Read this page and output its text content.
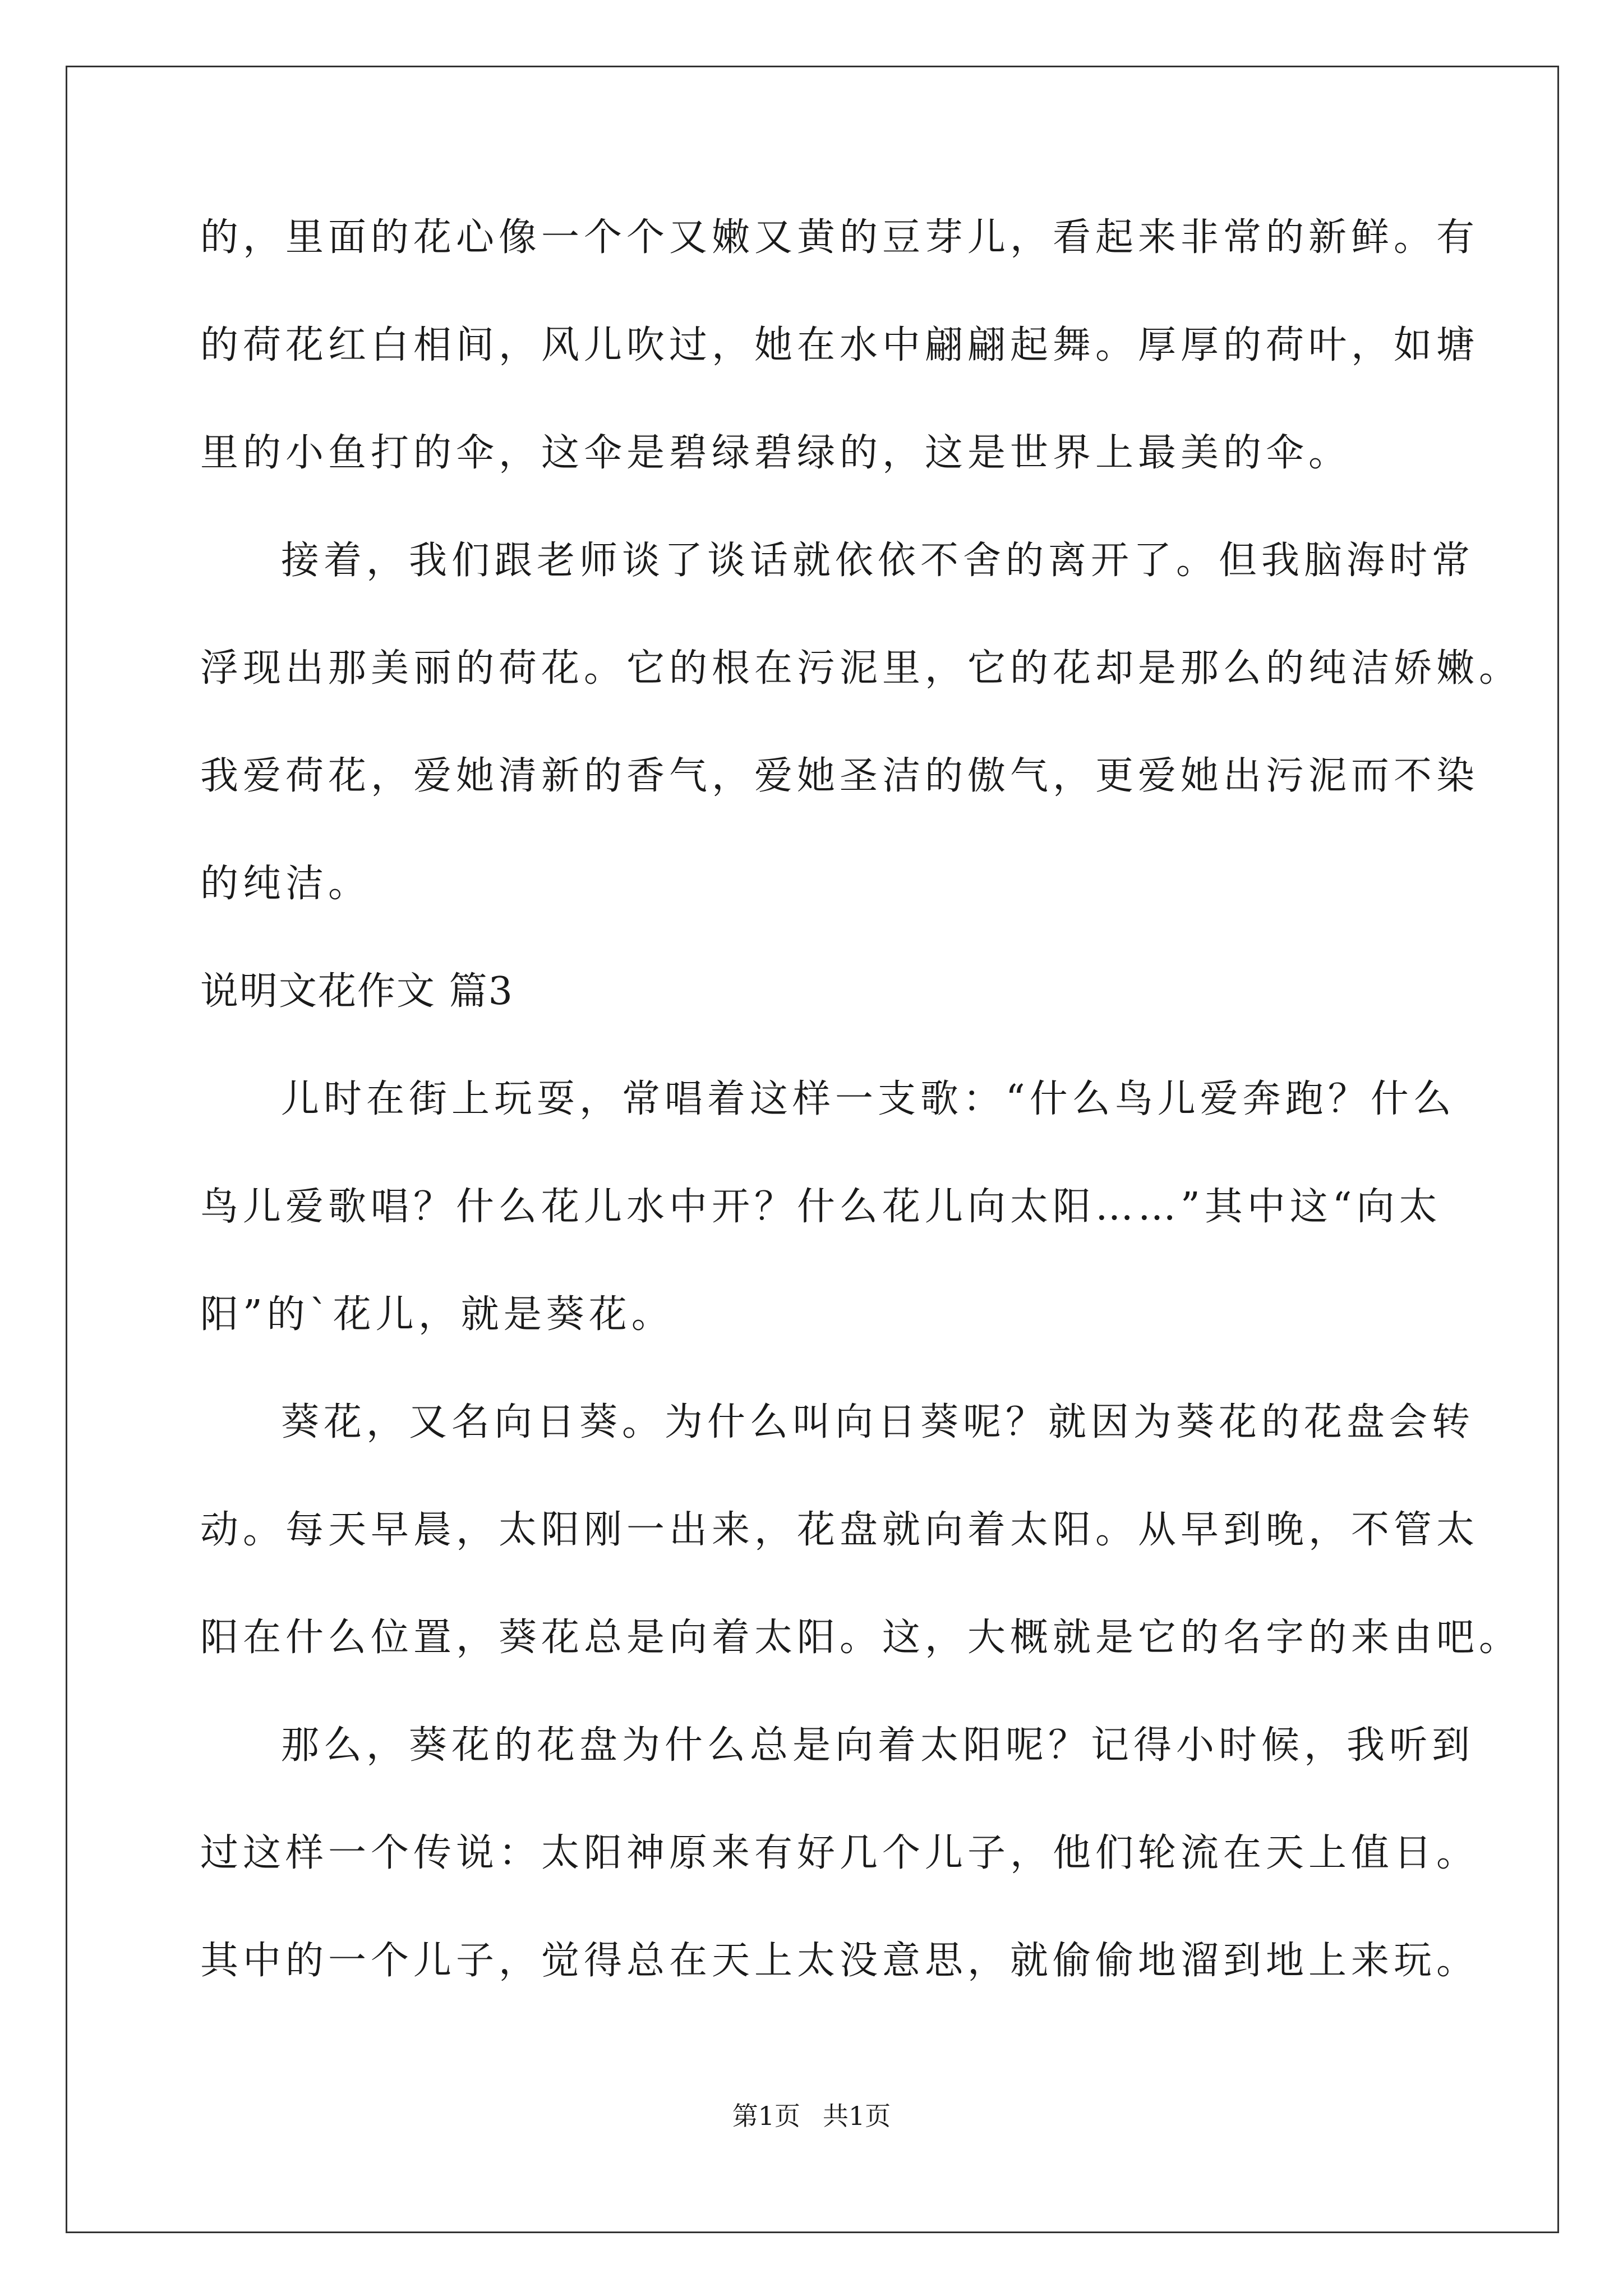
的，里面的花心像一个个又嫩又黄的豆芽儿，看起来非常的新鲜。有
的荷花红白相间，风儿吹过，她在水中翩翩起舞。厚厚的荷叶，如塘
里的小鱼打的伞，这伞是碧绿碧绿的，这是世界上最美的伞。
接着，我们跟老师谈了谈话就依依不舍的离开了。但我脑海时常
浮现出那美丽的荷花。它的根在污泥里，它的花却是那么的纯洁娇嫩。
我爱荷花，爱她清新的香气，爱她圣洁的傲气，更爱她出污泥而不染
的纯洁。
说明文花作文 篇3
儿时在街上玩耍，常唱着这样一支歌：“什么鸟儿爱奔跑？什么
鸟儿爱歌唱？什么花儿水中开？什么花儿向太阳……”其中这“向太
阳”的`花儿，就是葵花。
葵花，又名向日葵。为什么叫向日葵呢？就因为葵花的花盘会转
动。每天早晨，太阳刚一出来，花盘就向着太阳。从早到晚，不管太
阳在什么位置，葵花总是向着太阳。这，大概就是它的名字的来由吧。
那么，葵花的花盘为什么总是向着太阳呢？记得小时候，我听到
过这样一个传说：太阳神原来有好几个儿子，他们轮流在天上值日。
其中的一个儿子，觉得总在天上太没意思，就偷偷地溜到地上来玩。
第1页 共1页
